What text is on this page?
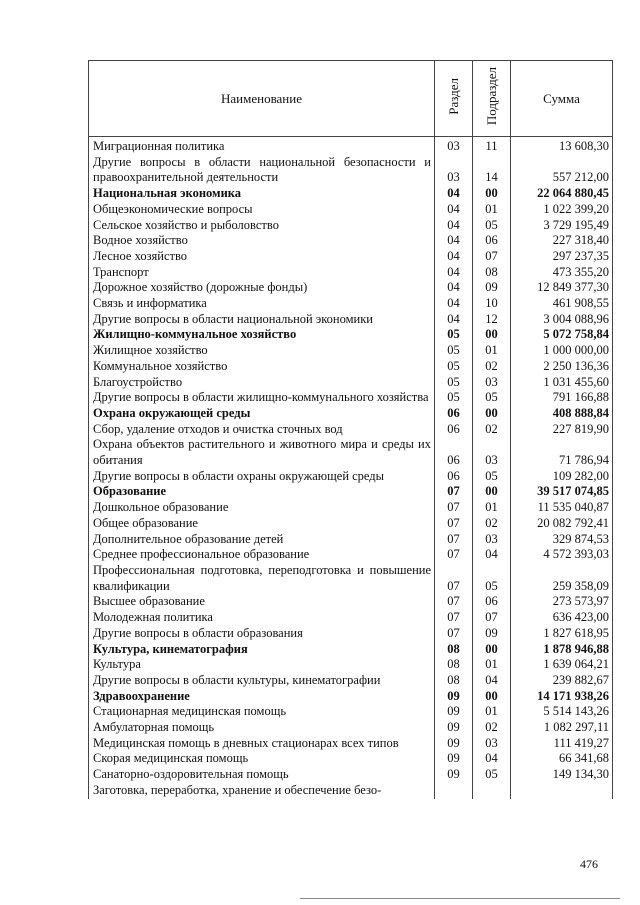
Наименование	Раздел	Подраздел	Сумма
Миграционная политика	03	11	13 608,30
Другие вопросы в области национальной безопасности и правоохранительной деятельности	03	14	557 212,00
Национальная экономика	04	00	22 064 880,45
Общеэкономические вопросы	04	01	1 022 399,20
Сельское хозяйство и рыболовство	04	05	3 729 195,49
Водное хозяйство	04	06	227 318,40
Лесное хозяйство	04	07	297 237,35
Транспорт	04	08	473 355,20
Дорожное хозяйство (дорожные фонды)	04	09	12 849 377,30
Связь и информатика	04	10	461 908,55
Другие вопросы в области национальной экономики	04	12	3 004 088,96
Жилищно-коммунальное хозяйство	05	00	5 072 758,84
Жилищное хозяйство	05	01	1 000 000,00
Коммунальное хозяйство	05	02	2 250 136,36
Благоустройство	05	03	1 031 455,60
Другие вопросы в области жилищно-коммунального хозяйства	05	05	791 166,88
Охрана окружающей среды	06	00	408 888,84
Сбор, удаление отходов и очистка сточных вод	06	02	227 819,90
Охрана объектов растительного и животного мира и среды их обитания	06	03	71 786,94
Другие вопросы в области охраны окружающей среды	06	05	109 282,00
Образование	07	00	39 517 074,85
Дошкольное образование	07	01	11 535 040,87
Общее образование	07	02	20 082 792,41
Дополнительное образование детей	07	03	329 874,53
Среднее профессиональное образование	07	04	4 572 393,03
Профессиональная подготовка, переподготовка и повышение квалификации	07	05	259 358,09
Высшее образование	07	06	273 573,97
Молодежная политика	07	07	636 423,00
Другие вопросы в области образования	07	09	1 827 618,95
Культура, кинематография	08	00	1 878 946,88
Культура	08	01	1 639 064,21
Другие вопросы в области культуры, кинематографии	08	04	239 882,67
Здравоохранение	09	00	14 171 938,26
Стационарная медицинская помощь	09	01	5 514 143,26
Амбулаторная помощь	09	02	1 082 297,11
Медицинская помощь в дневных стационарах всех типов	09	03	111 419,27
Скорая медицинская помощь	09	04	66 341,68
Санаторно-оздоровительная помощь	09	05	149 134,30
Заготовка, переработка, хранение и обеспечение безо-			
476
